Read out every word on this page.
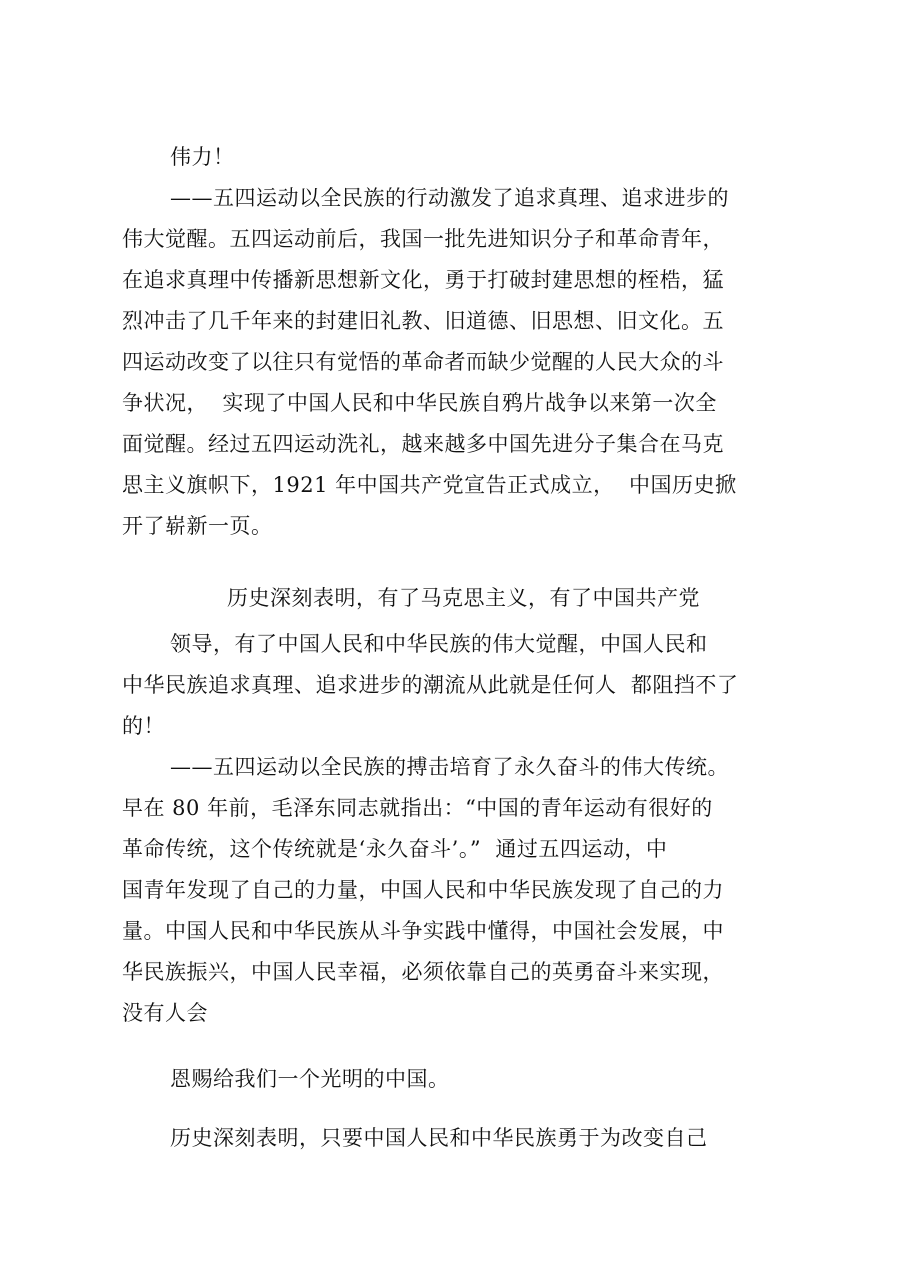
伟力！
——五四运动以全民族的行动激发了追求真理、追求进步的
伟大觉醒。五四运动前后，我国一批先进知识分子和革命青年，
在追求真理中传播新思想新文化，勇于打破封建思想的桎梏，猛
烈冲击了几千年来的封建旧礼教、旧道德、旧思想、旧文化。五
四运动改变了以往只有觉悟的革命者而缺少觉醒的人民大众的斗
争状况，  实现了中国人民和中华民族自鸦片战争以来第一次全
面觉醒。经过五四运动洗礼，越来越多中国先进分子集合在马克
思主义旗帜下，1921 年中国共产党宣告正式成立，  中国历史掀
开了崭新一页。
历史深刻表明，有了马克思主义，有了中国共产党
领导，有了中国人民和中华民族的伟大觉醒，中国人民和
中华民族追求真理、追求进步的潮流从此就是任何人  都阻挡不了
的！
——五四运动以全民族的搏击培育了永久奋斗的伟大传统。
早在 80 年前，毛泽东同志就指出：“中国的青年运动有很好的
革命传统，这个传统就是‘永久奋斗’。”  通过五四运动，中
国青年发现了自己的力量，中国人民和中华民族发现了自己的力
量。中国人民和中华民族从斗争实践中懂得，中国社会发展，中
华民族振兴，中国人民幸福，必须依靠自己的英勇奋斗来实现，
没有人会
恩赐给我们一个光明的中国。
历史深刻表明，只要中国人民和中华民族勇于为改变自己
